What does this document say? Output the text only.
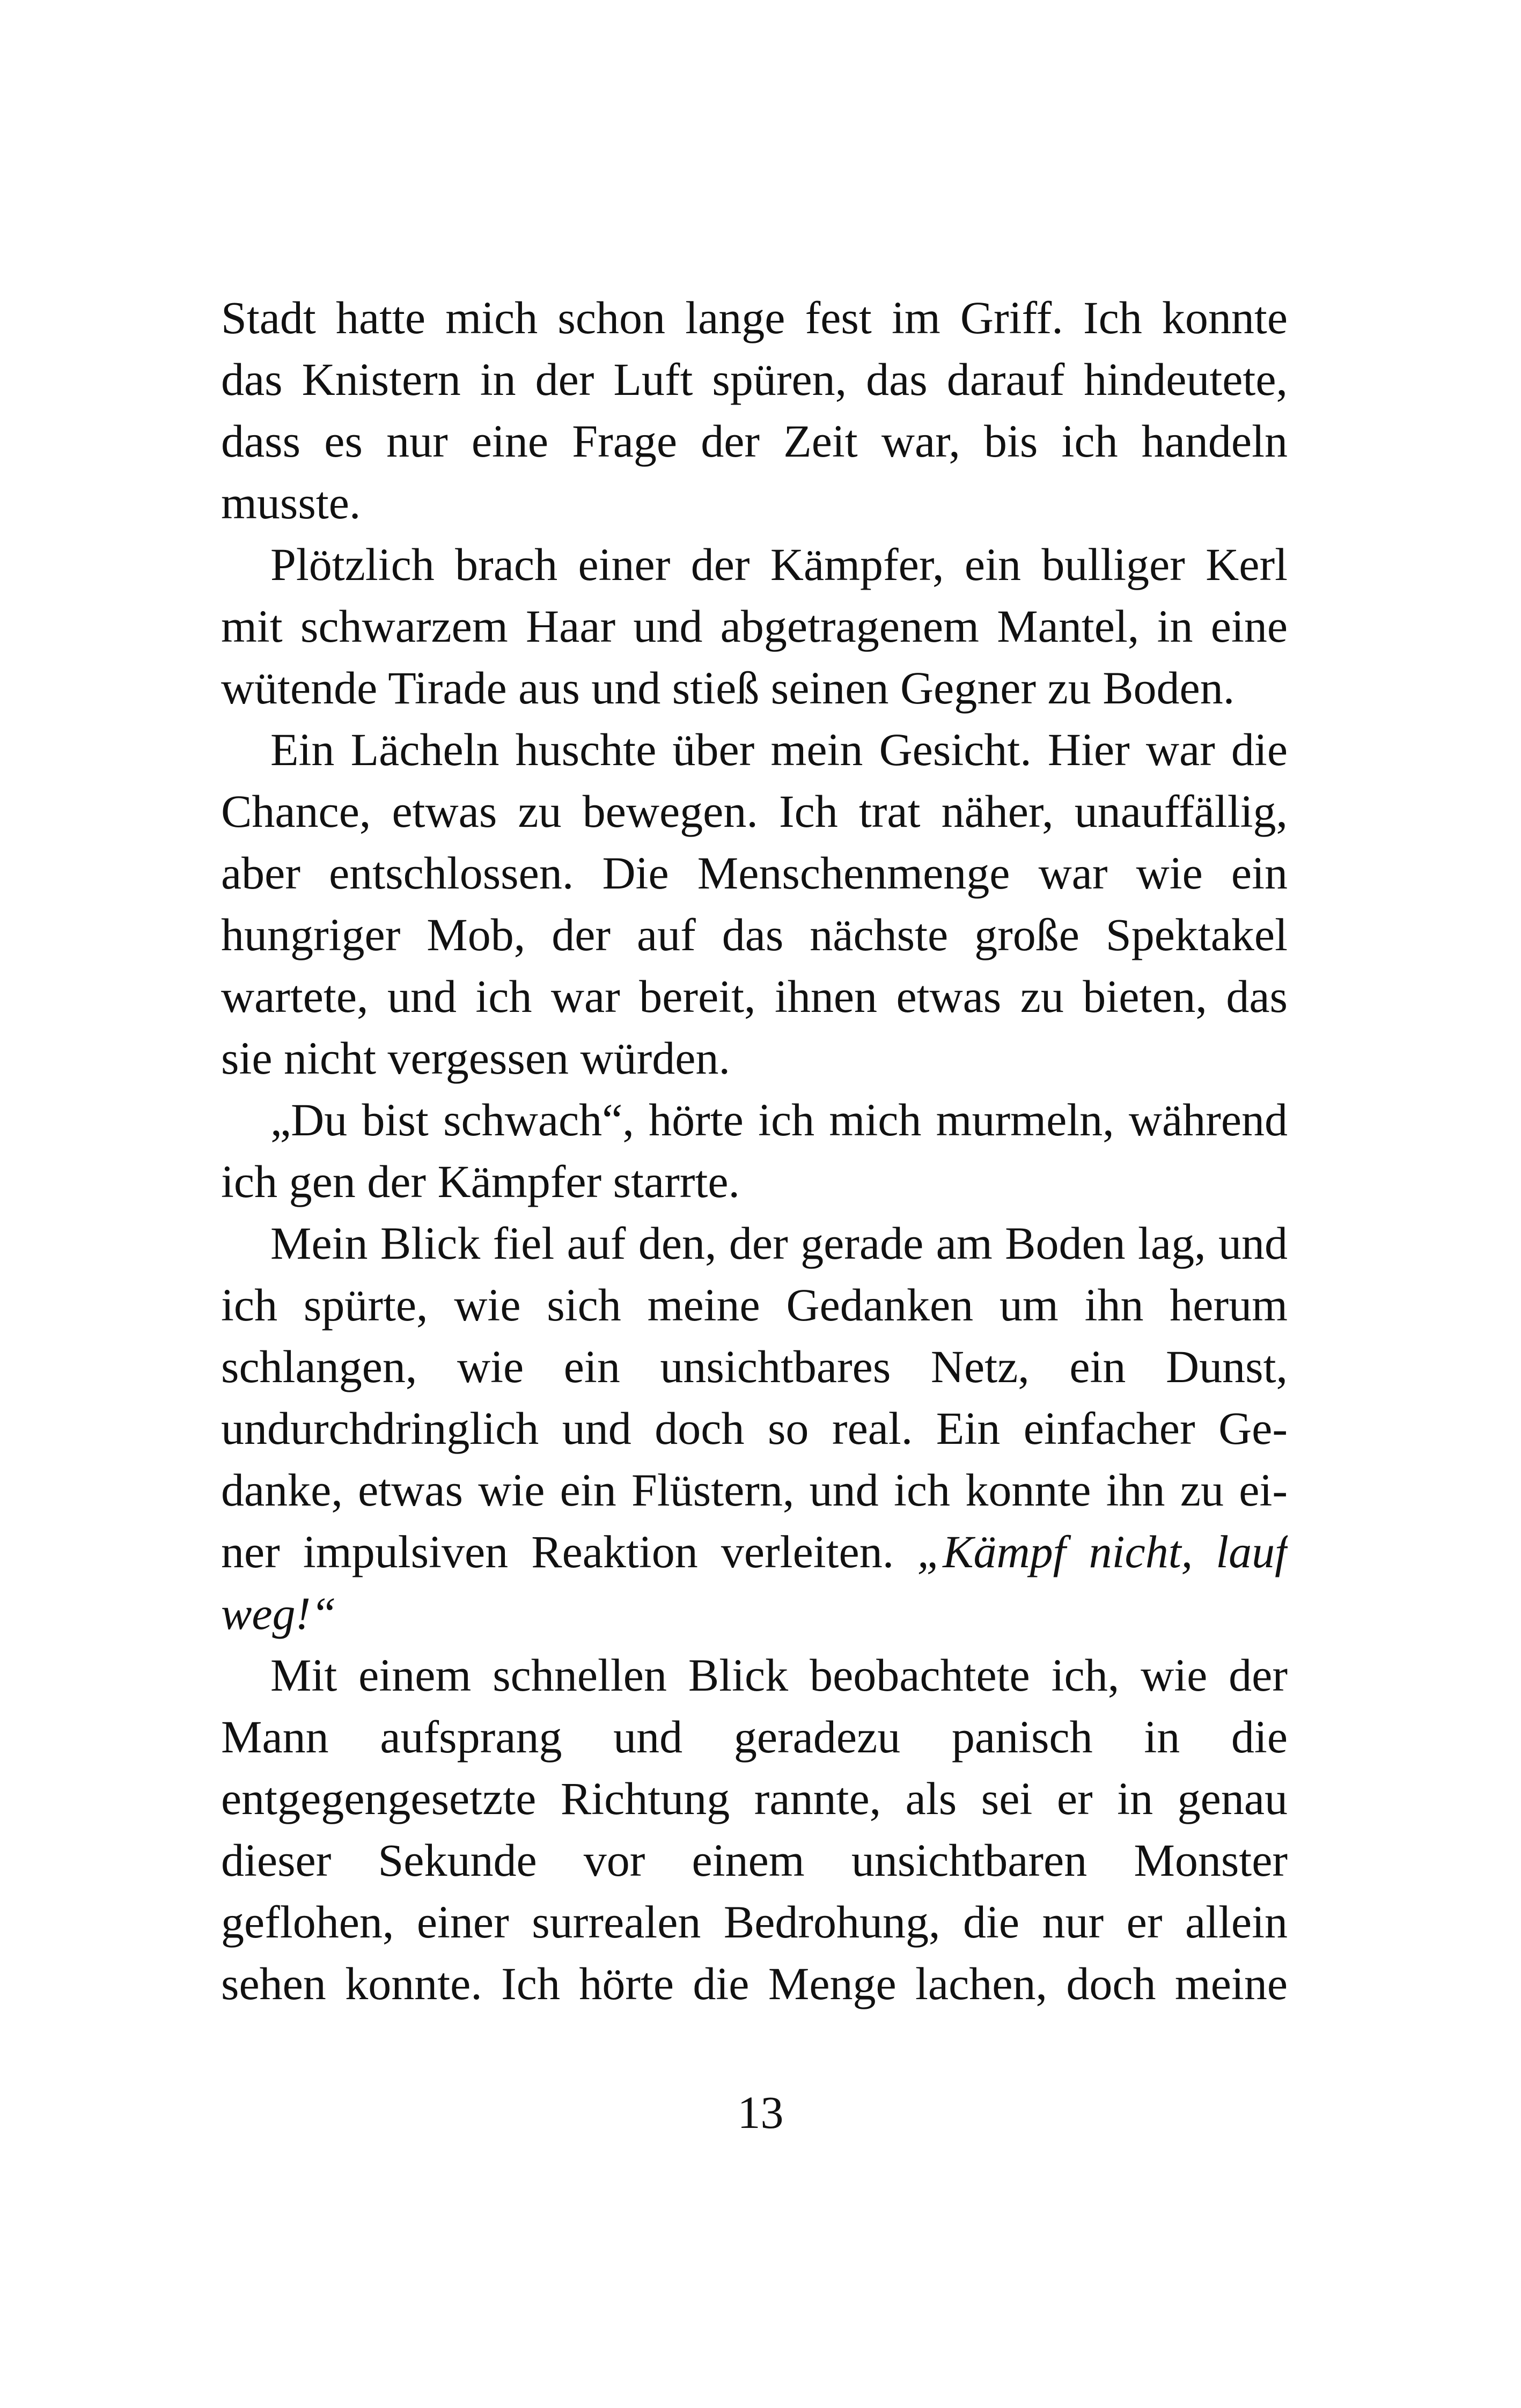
Stadt hatte mich schon lange fest im Griff. Ich konnte
das Knistern in der Luft spüren, das darauf hindeutete,
dass es nur eine Frage der Zeit war, bis ich handeln
musste.
Plötzlich brach einer der Kämpfer, ein bulliger Kerl
mit schwarzem Haar und abgetragenem Mantel, in eine
wütende Tirade aus und stieß seinen Gegner zu Boden.
Ein Lächeln huschte über mein Gesicht. Hier war die
Chance, etwas zu bewegen. Ich trat näher, unauffällig,
aber entschlossen. Die Menschenmenge war wie ein
hungriger Mob, der auf das nächste große Spektakel
wartete, und ich war bereit, ihnen etwas zu bieten, das
sie nicht vergessen würden.
„Du bist schwach“, hörte ich mich murmeln, während
ich gen der Kämpfer starrte.
Mein Blick fiel auf den, der gerade am Boden lag, und
ich spürte, wie sich meine Gedanken um ihn herum
schlangen, wie ein unsichtbares Netz, ein Dunst,
undurchdringlich und doch so real. Ein einfacher Ge-
danke, etwas wie ein Flüstern, und ich konnte ihn zu ei-
ner impulsiven Reaktion verleiten. „Kämpf nicht, lauf
weg!“
Mit einem schnellen Blick beobachtete ich, wie der
Mann aufsprang und geradezu panisch in die
entgegengesetzte Richtung rannte, als sei er in genau
dieser Sekunde vor einem unsichtbaren Monster
geflohen, einer surrealen Bedrohung, die nur er allein
sehen konnte. Ich hörte die Menge lachen, doch meine
13
